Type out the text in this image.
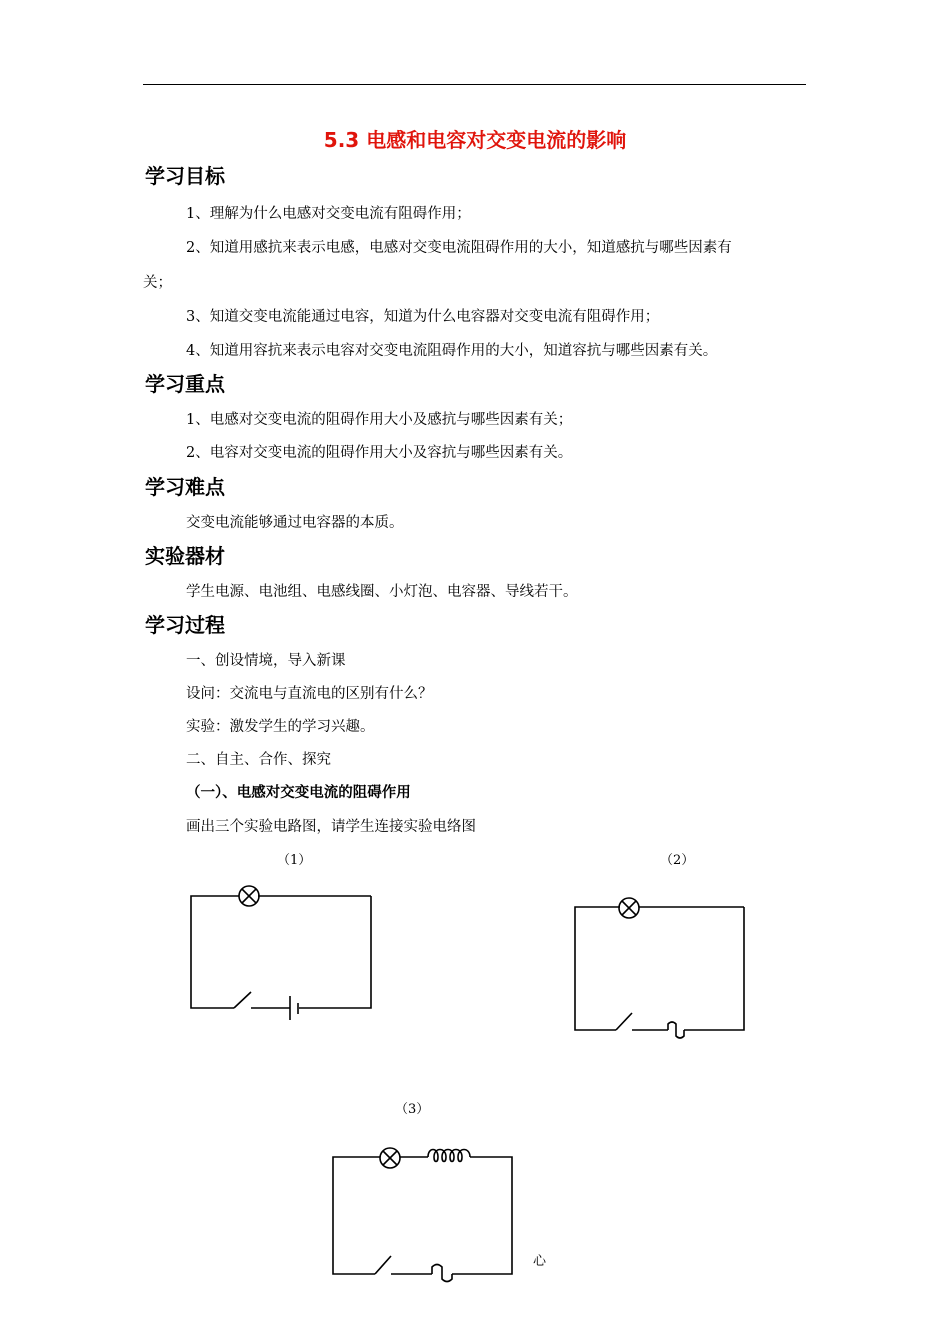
5.3 电感和电容对交变电流的影响
学习目标
1、理解为什么电感对交变电流有阻碍作用；
2、知道用感抗来表示电感，电感对交变电流阻碍作用的大小，知道感抗与哪些因素有
关；
3、知道交变电流能通过电容，知道为什么电容器对交变电流有阻碍作用；
4、知道用容抗来表示电容对交变电流阻碍作用的大小，知道容抗与哪些因素有关。
学习重点
1、电感对交变电流的阻碍作用大小及感抗与哪些因素有关；
2、电容对交变电流的阻碍作用大小及容抗与哪些因素有关。
学习难点
交变电流能够通过电容器的本质。
实验器材
学生电源、电池组、电感线圈、小灯泡、电容器、导线若干。
学习过程
一、创设情境，导入新课
设问：交流电与直流电的区别有什么？
实验：激发学生的学习兴趣。
二、自主、合作、探究
（一）、电感对交变电流的阻碍作用
画出三个实验电路图，请学生连接实验电络图
（1）	（2）
（3）
心
